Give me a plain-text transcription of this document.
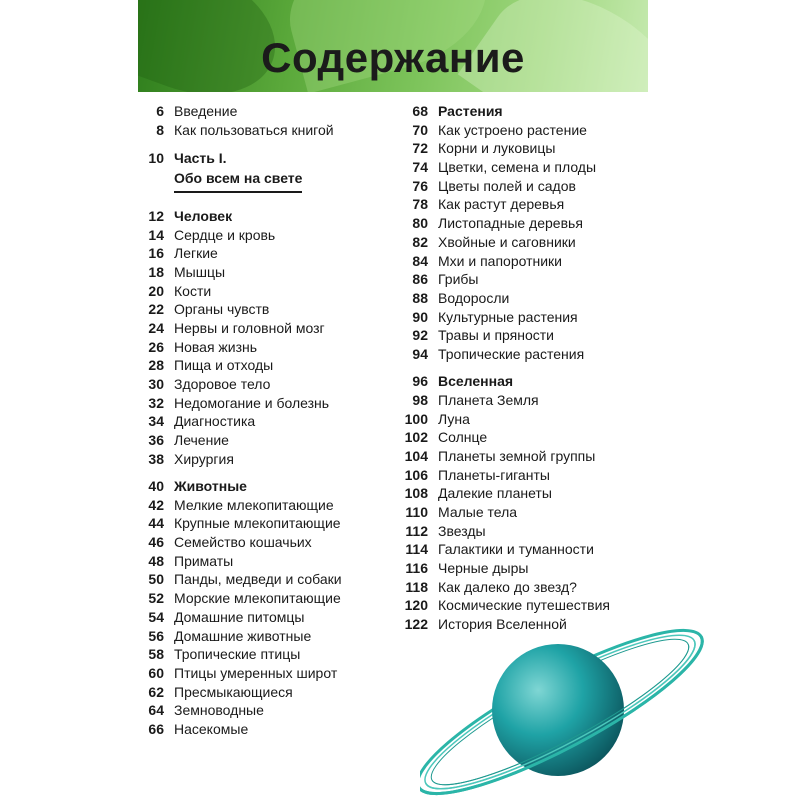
Содержание
6 Введение
8 Как пользоваться книгой
10 Часть I.
Обо всем на свете
12 Человек
14 Сердце и кровь
16 Легкие
18 Мышцы
20 Кости
22 Органы чувств
24 Нервы и головной мозг
26 Новая жизнь
28 Пища и отходы
30 Здоровое тело
32 Недомогание и болезнь
34 Диагностика
36 Лечение
38 Хирургия
40 Животные
42 Мелкие млекопитающие
44 Крупные млекопитающие
46 Семейство кошачьих
48 Приматы
50 Панды, медведи и собаки
52 Морские млекопитающие
54 Домашние питомцы
56 Домашние животные
58 Тропические птицы
60 Птицы умеренных широт
62 Пресмыкающиеся
64 Земноводные
66 Насекомые
68 Растения
70 Как устроено растение
72 Корни и луковицы
74 Цветки, семена и плоды
76 Цветы полей и садов
78 Как растут деревья
80 Листопадные деревья
82 Хвойные и саговники
84 Мхи и папоротники
86 Грибы
88 Водоросли
90 Культурные растения
92 Травы и пряности
94 Тропические растения
96 Вселенная
98 Планета Земля
100 Луна
102 Солнце
104 Планеты земной группы
106 Планеты-гиганты
108 Далекие планеты
110 Малые тела
112 Звезды
114 Галактики и туманности
116 Черные дыры
118 Как далеко до звезд?
120 Космические путешествия
122 История Вселенной
